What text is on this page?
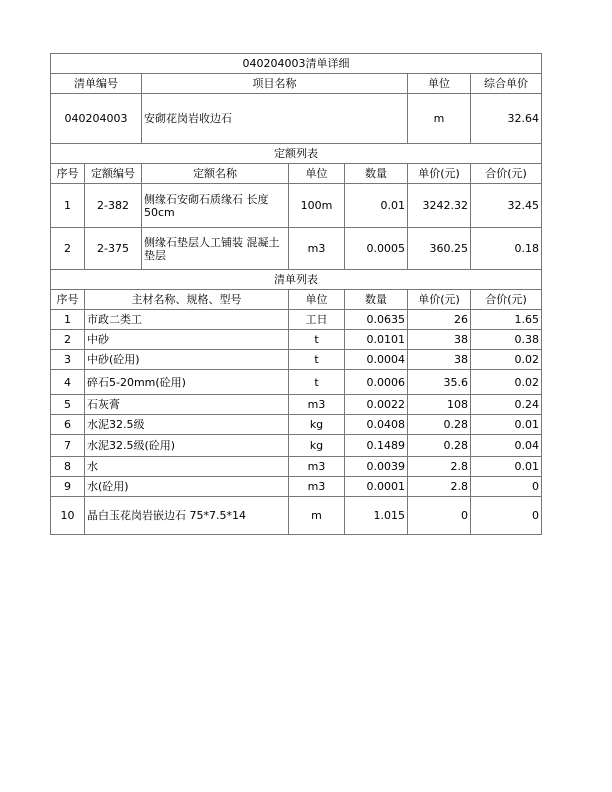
040204003清单详细						
清单编号		项目名称			单位	综合单价
040204003		安砌花岗岩收边石			m	32.64
定额列表						
序号	定额编号	定额名称	单位	数量	单价(元)	合价(元)
1	2-382	侧缘石安砌石质缘石 长度50cm	100m	0.01	3242.32	32.45
2	2-375	侧缘石垫层人工铺装 混凝土垫层	m3	0.0005	360.25	0.18
清单列表						
序号	主材名称、规格、型号		单位	数量	单价(元)	合价(元)
1	市政二类工		工日	0.0635	26	1.65
2	中砂		t	0.0101	38	0.38
3	中砂(砼用)		t	0.0004	38	0.02
4	碎石5-20mm(砼用)		t	0.0006	35.6	0.02
5	石灰膏		m3	0.0022	108	0.24
6	水泥32.5级		kg	0.0408	0.28	0.01
7	水泥32.5级(砼用)		kg	0.1489	0.28	0.04
8	水		m3	0.0039	2.8	0.01
9	水(砼用)		m3	0.0001	2.8	0
10	晶白玉花岗岩嵌边石 75*7.5*14		m	1.015	0	0
